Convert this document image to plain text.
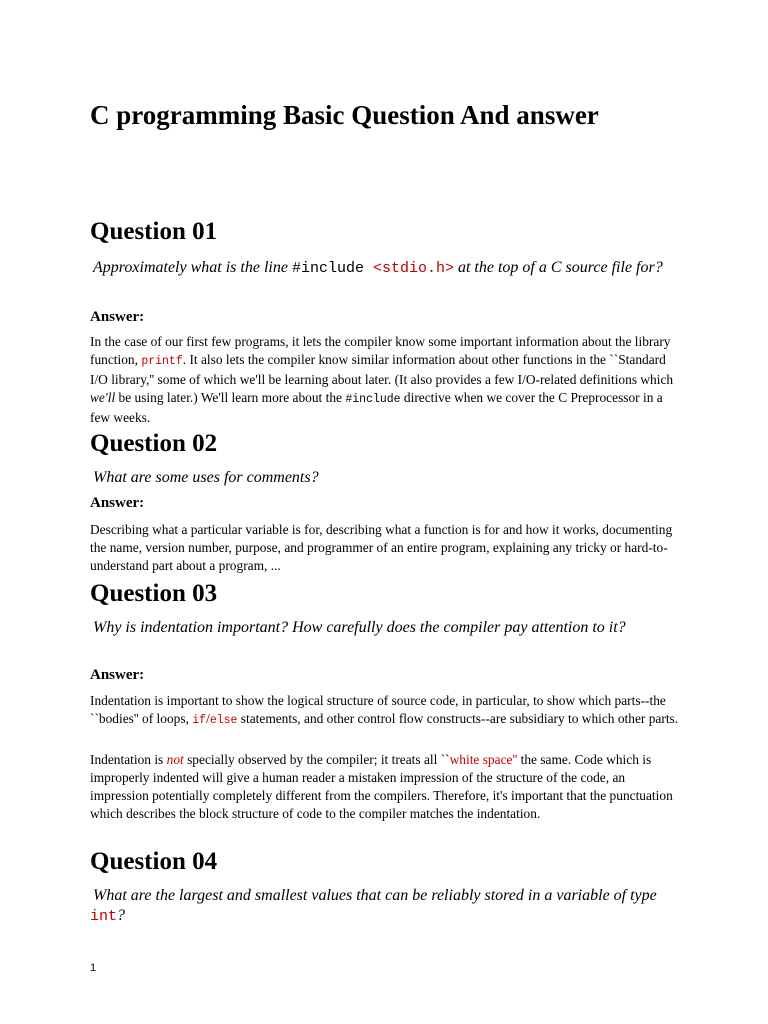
C programming Basic Question And answer
Question 01

Approximately what is the line #include <stdio.h> at the top of a C source file for?

Answer:

In the case of our first few programs, it lets the compiler know some important information about the library function, printf. It also lets the compiler know similar information about other functions in the ``Standard I/O library,'' some of which we'll be learning about later. (It also provides a few I/O-related definitions which we'll be using later.) We'll learn more about the #include directive when we cover the C Preprocessor in a few weeks.

Question 02

What are some uses for comments?

Answer:

Describing what a particular variable is for, describing what a function is for and how it works, documenting the name, version number, purpose, and programmer of an entire program, explaining any tricky or hard-to-understand part about a program, ...

Question 03

Why is indentation important? How carefully does the compiler pay attention to it?

Answer:

Indentation is important to show the logical structure of source code, in particular, to show which parts--the ``bodies'' of loops, if/else statements, and other control flow constructs--are subsidiary to which other parts.

Indentation is not specially observed by the compiler; it treats all ``white space'' the same. Code which is improperly indented will give a human reader a mistaken impression of the structure of the code, an impression potentially completely different from the compilers. Therefore, it's important that the punctuation which describes the block structure of code to the compiler matches the indentation.

Question 04

What are the largest and smallest values that can be reliably stored in a variable of type int?

1
